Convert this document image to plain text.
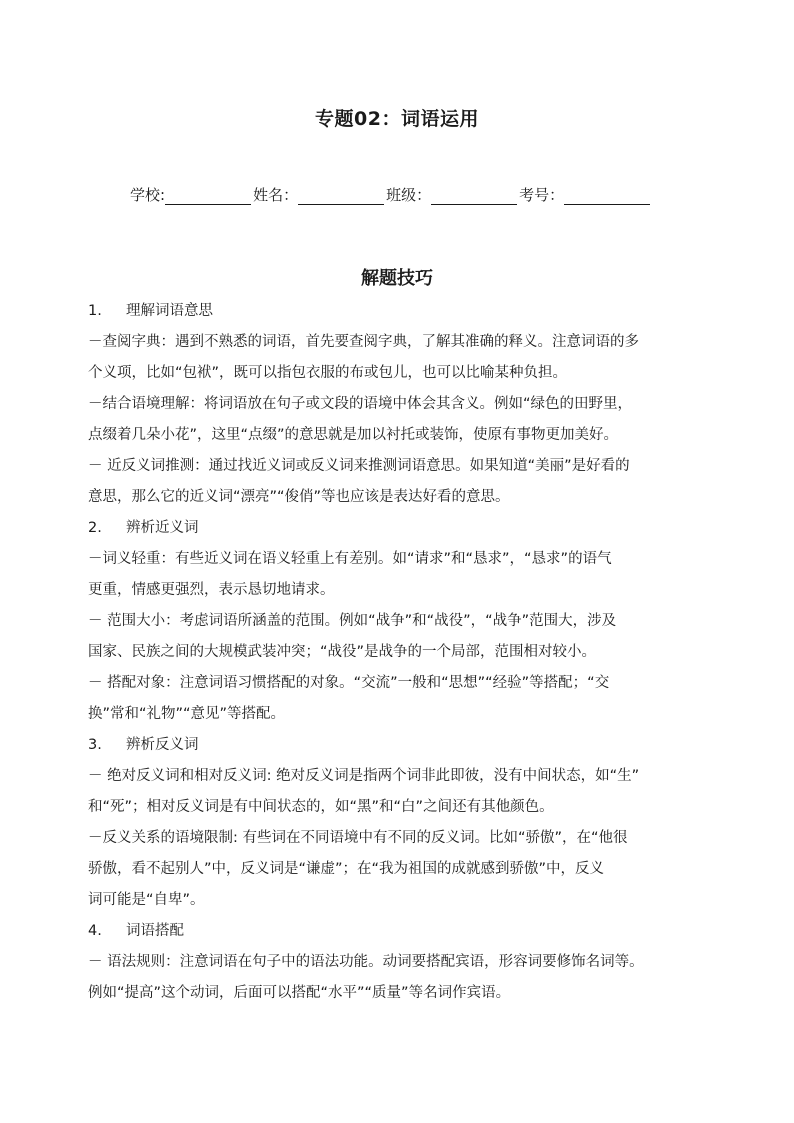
专题02：词语运用
学校:	姓名：	班级：	考号：
解题技巧
1. 理解词语意思
－查阅字典：遇到不熟悉的词语，首先要查阅字典，了解其准确的释义。注意词语的多
个义项，比如“包袱”，既可以指包衣服的布或包儿，也可以比喻某种负担。
－结合语境理解：将词语放在句子或文段的语境中体会其含义。例如“绿色的田野里，
点缀着几朵小花”，这里“点缀”的意思就是加以衬托或装饰，使原有事物更加美好。
－ 近反义词推测：通过找近义词或反义词来推测词语意思。如果知道“美丽”是好看的
意思，那么它的近义词“漂亮”“俊俏”等也应该是表达好看的意思。
2. 辨析近义词
－词义轻重：有些近义词在语义轻重上有差别。如“请求”和“恳求”，“恳求”的语气
更重，情感更强烈，表示恳切地请求。
－ 范围大小：考虑词语所涵盖的范围。例如“战争”和“战役”，“战争”范围大，涉及
国家、民族之间的大规模武装冲突；“战役”是战争的一个局部，范围相对较小。
－ 搭配对象：注意词语习惯搭配的对象。“交流”一般和“思想”“经验”等搭配；“交
换”常和“礼物”“意见”等搭配。
3. 辨析反义词
－ 绝对反义词和相对反义词: 绝对反义词是指两个词非此即彼，没有中间状态，如“生”
和“死”；相对反义词是有中间状态的，如“黑”和“白”之间还有其他颜色。
－反义关系的语境限制: 有些词在不同语境中有不同的反义词。比如“骄傲”，在“他很
骄傲，看不起别人”中，反义词是“谦虚”；在“我为祖国的成就感到骄傲”中，反义
词可能是“自卑”。
4. 词语搭配
－ 语法规则：注意词语在句子中的语法功能。动词要搭配宾语，形容词要修饰名词等。
例如“提高”这个动词，后面可以搭配“水平”“质量”等名词作宾语。
